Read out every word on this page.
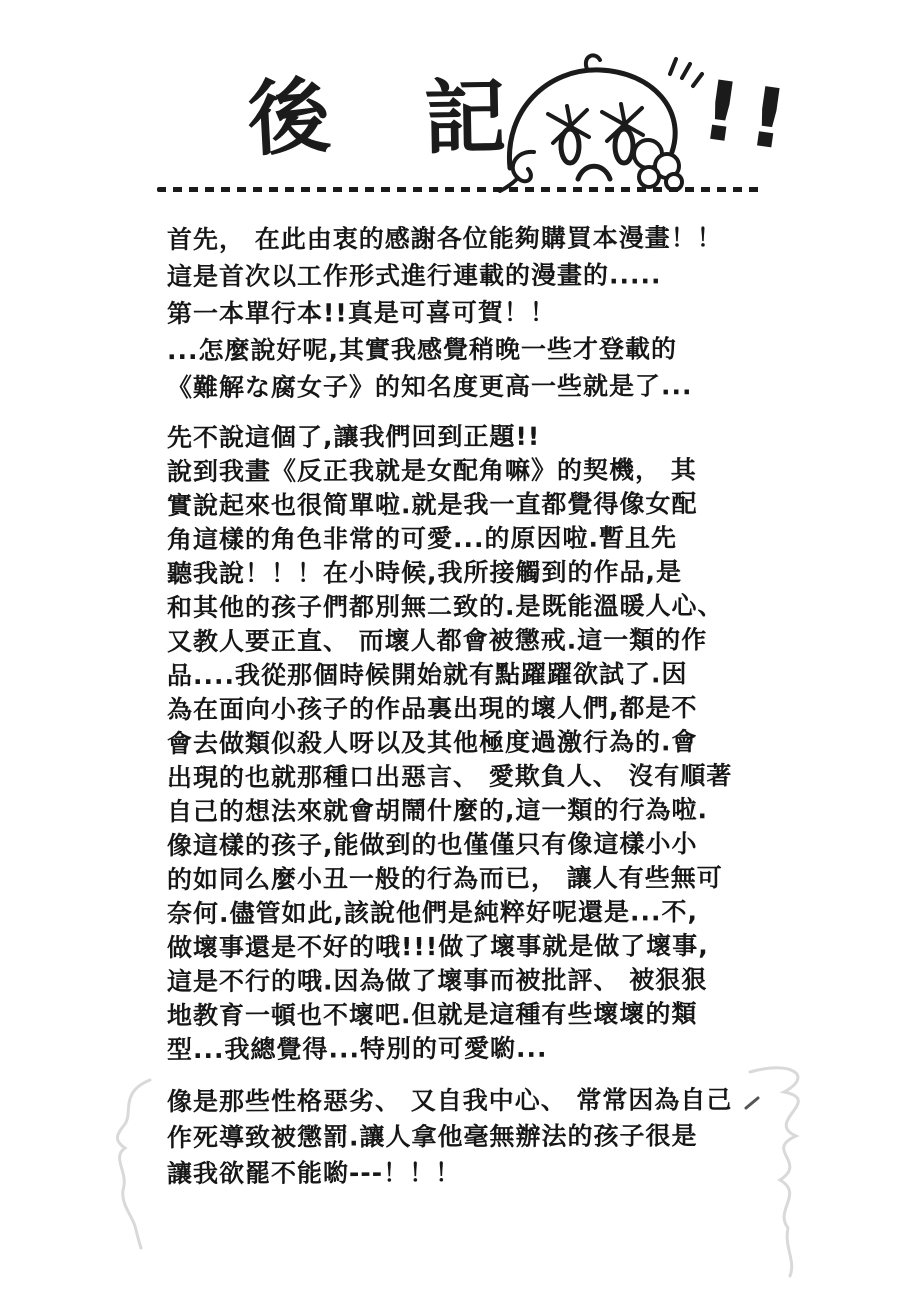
後 記 !!
首先， 在此由衷的感謝各位能夠購買本漫畫！！
這是首次以工作形式進行連載的漫畫的.....
第一本單行本!!真是可喜可賀！！
...怎麼說好呢,其實我感覺稍晚一些才登載的
《難解な腐女子》的知名度更高一些就是了...
先不說這個了,讓我們回到正題!!
說到我畫《反正我就是女配角嘛》的契機， 其
實說起來也很简單啦.就是我一直都覺得像女配
角這樣的角色非常的可愛...的原因啦.暫且先
聽我說！！！在小時候,我所接觸到的作品,是
和其他的孩子們都別無二致的.是既能溫暖人心、
又教人要正直、 而壞人都會被懲戒.這一類的作
品....我從那個時候開始就有點躍躍欲試了.因
為在面向小孩子的作品裏出現的壞人們,都是不
會去做類似殺人呀以及其他極度過激行為的.會
出現的也就那種口出惡言、 愛欺負人、 沒有順著
自己的想法來就會胡鬧什麼的,這一類的行為啦.
像這樣的孩子,能做到的也僅僅只有像這樣小小
的如同么麼小丑一般的行為而已， 讓人有些無可
奈何.儘管如此,該說他們是純粹好呢還是...不,
做壞事還是不好的哦!!!做了壞事就是做了壞事,
這是不行的哦.因為做了壞事而被批評、 被狠狠
地教育一頓也不壞吧.但就是這種有些壞壞的類
型...我總覺得...特別的可愛喲...
像是那些性格惡劣、 又自我中心、 常常因為自己
作死導致被懲罰.讓人拿他毫無辦法的孩子很是
讓我欲罷不能喲---！！！
